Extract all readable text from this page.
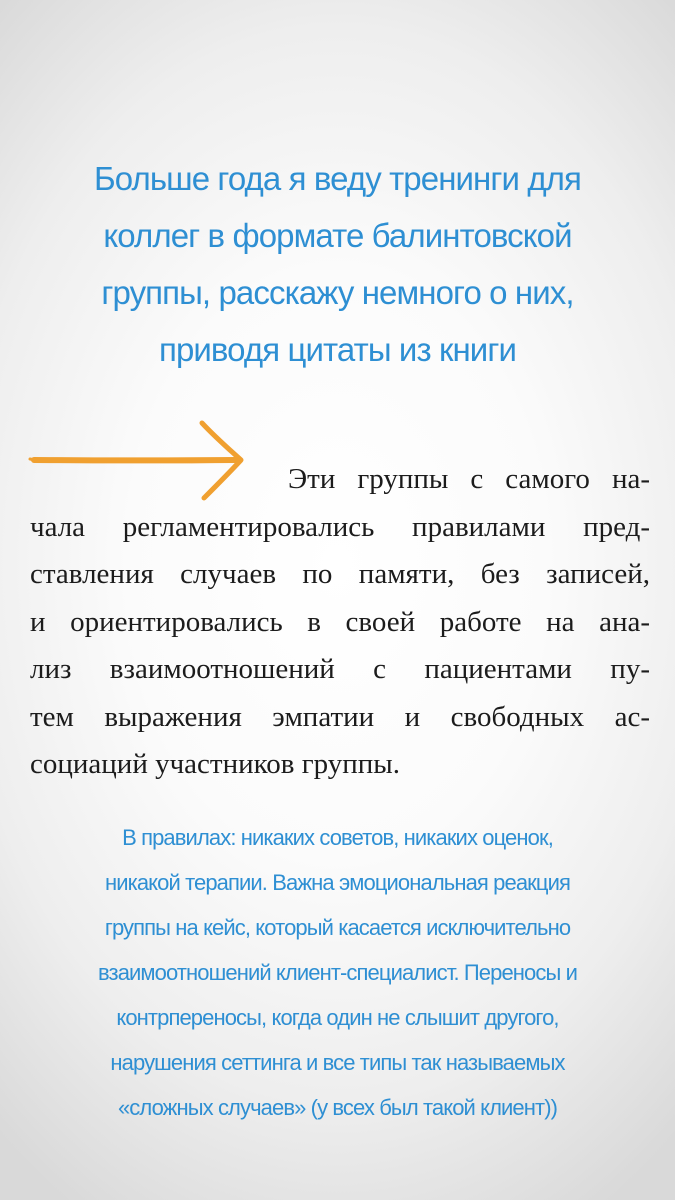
Больше года я веду тренинги для
коллег в формате балинтовской
группы, расскажу немного о них,
приводя цитаты из книги

Эти группы с самого на-
чала регламентировались правилами пред-
ставления случаев по памяти, без записей,
и ориентировались в своей работе на ана-
лиз взаимоотношений с пациентами пу-
тем выражения эмпатии и свободных ас-
социаций участников группы.

В правилах: никаких советов, никаких оценок,
никакой терапии. Важна эмоциональная реакция
группы на кейс, который касается исключительно
взаимоотношений клиент-специалист. Переносы и
контрпереносы, когда один не слышит другого,
нарушения сеттинга и все типы так называемых
«сложных случаев» (у всех был такой клиент))
